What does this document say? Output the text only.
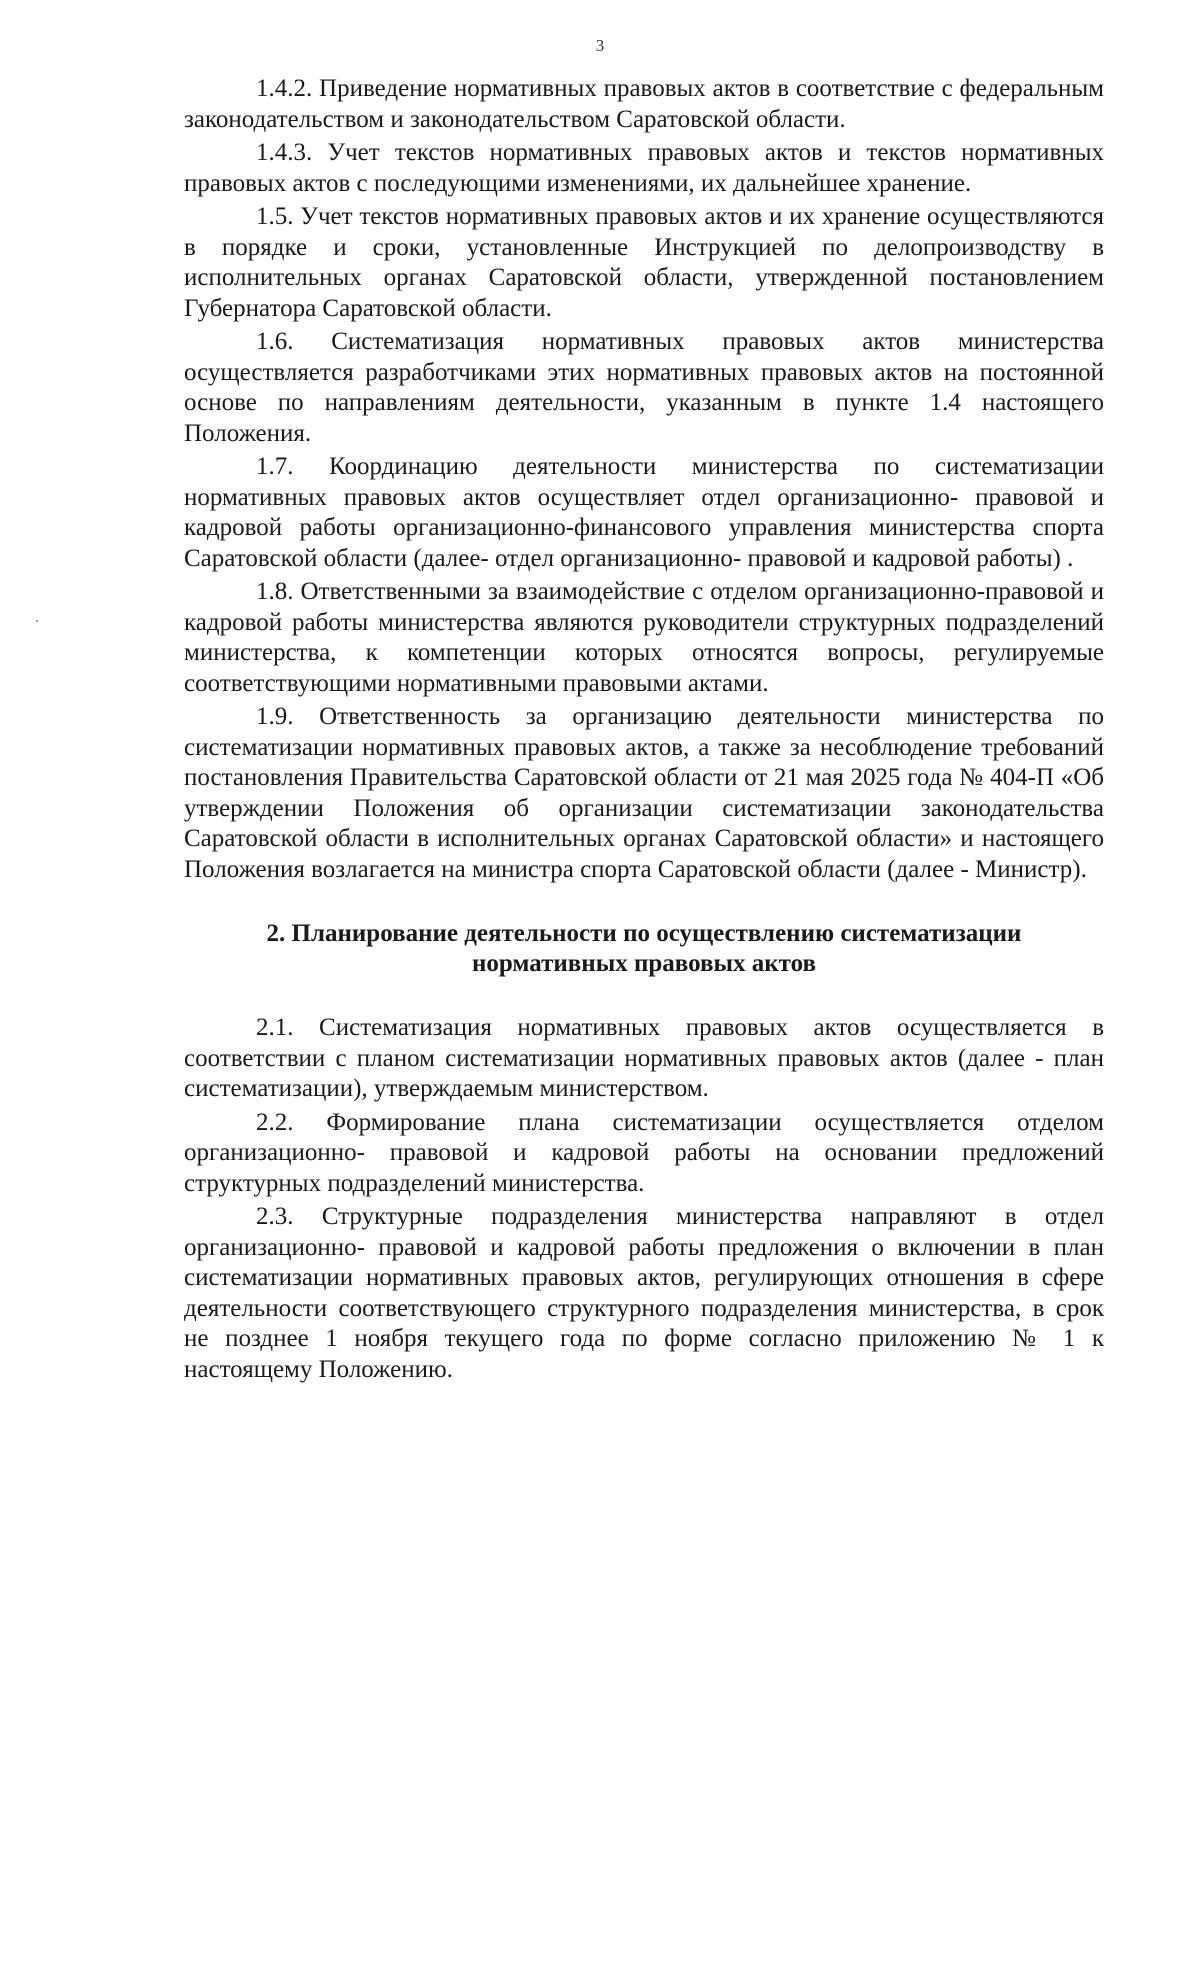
3

1.4.2. Приведение нормативных правовых актов в соответствие с федеральным законодательством и законодательством Саратовской области.

1.4.3. Учет текстов нормативных правовых актов и текстов нормативных правовых актов с последующими изменениями, их дальнейшее хранение.

1.5. Учет текстов нормативных правовых актов и их хранение осуществляются в порядке и сроки, установленные Инструкцией по делопроизводству в исполнительных органах Саратовской области, утвержденной постановлением Губернатора Саратовской области.

1.6. Систематизация нормативных правовых актов министерства осуществляется разработчиками этих нормативных правовых актов на постоянной основе по направлениям деятельности, указанным в пункте 1.4 настоящего Положения.

1.7. Координацию деятельности министерства по систематизации нормативных правовых актов осуществляет отдел организационно- правовой и кадровой работы организационно-финансового управления министерства спорта Саратовской области (далее- отдел организационно- правовой и кадровой работы) .

1.8. Ответственными за взаимодействие с отделом организационно-правовой и кадровой работы министерства являются руководители структурных подразделений министерства, к компетенции которых относятся вопросы, регулируемые соответствующими нормативными правовыми актами.

1.9. Ответственность за организацию деятельности министерства по систематизации нормативных правовых актов, а также за несоблюдение требований постановления Правительства Саратовской области от 21 мая 2025 года № 404-П «Об утверждении Положения об организации систематизации законодательства Саратовской области в исполнительных органах Саратовской области» и настоящего Положения возлагается на министра спорта Саратовской области (далее - Министр).

2. Планирование деятельности по осуществлению систематизации нормативных правовых актов

2.1. Систематизация нормативных правовых актов осуществляется в соответствии с планом систематизации нормативных правовых актов (далее - план систематизации), утверждаемым министерством.

2.2. Формирование плана систематизации осуществляется отделом организационно- правовой и кадровой работы на основании предложений структурных подразделений министерства.

2.3. Структурные подразделения министерства направляют в отдел организационно- правовой и кадровой работы предложения о включении в план систематизации нормативных правовых актов, регулирующих отношения в сфере деятельности соответствующего структурного подразделения министерства, в срок не позднее 1 ноября текущего года по форме согласно приложению № 1 к настоящему Положению.
